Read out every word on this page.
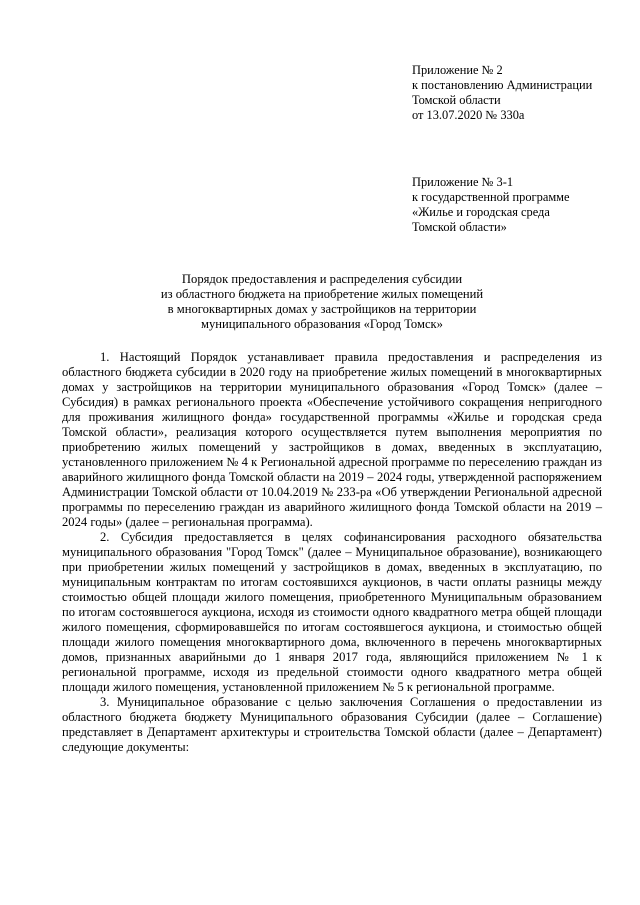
Приложение № 2
к постановлению Администрации
Томской области
от 13.07.2020 № 330а
Приложение № 3-1
к государственной программе
«Жилье и городская среда
Томской области»
Порядок предоставления и распределения субсидии
из областного бюджета на приобретение жилых помещений
в многоквартирных домах у застройщиков на территории
муниципального образования «Город Томск»

1. Настоящий Порядок устанавливает правила предоставления и распределения из областного бюджета субсидии в 2020 году на приобретение жилых помещений в многоквартирных домах у застройщиков на территории муниципального образования «Город Томск» (далее – Субсидия) в рамках регионального проекта «Обеспечение устойчивого сокращения непригодного для проживания жилищного фонда» государственной программы «Жилье и городская среда Томской области», реализация которого осуществляется путем выполнения мероприятия по приобретению жилых помещений у застройщиков в домах, введенных в эксплуатацию, установленного приложением № 4 к Региональной адресной программе по переселению граждан из аварийного жилищного фонда Томской области на 2019 – 2024 годы, утвержденной распоряжением Администрации Томской области от 10.04.2019 № 233-ра «Об утверждении Региональной адресной программы по переселению граждан из аварийного жилищного фонда Томской области на 2019 – 2024 годы» (далее – региональная программа).

2. Субсидия предоставляется в целях софинансирования расходного обязательства муниципального образования "Город Томск" (далее – Муниципальное образование), возникающего при приобретении жилых помещений у застройщиков в домах, введенных в эксплуатацию, по муниципальным контрактам по итогам состоявшихся аукционов, в части оплаты разницы между стоимостью общей площади жилого помещения, приобретенного Муниципальным образованием по итогам состоявшегося аукциона, исходя из стоимости одного квадратного метра общей площади жилого помещения, сформировавшейся по итогам состоявшегося аукциона, и стоимостью общей площади жилого помещения многоквартирного дома, включенного в перечень многоквартирных домов, признанных аварийными до 1 января 2017 года, являющийся приложением № 1 к региональной программе, исходя из предельной стоимости одного квадратного метра общей площади жилого помещения, установленной приложением № 5 к региональной программе.

3. Муниципальное образование с целью заключения Соглашения о предоставлении из областного бюджета бюджету Муниципального образования Субсидии (далее – Соглашение) представляет в Департамент архитектуры и строительства Томской области (далее – Департамент) следующие документы:
